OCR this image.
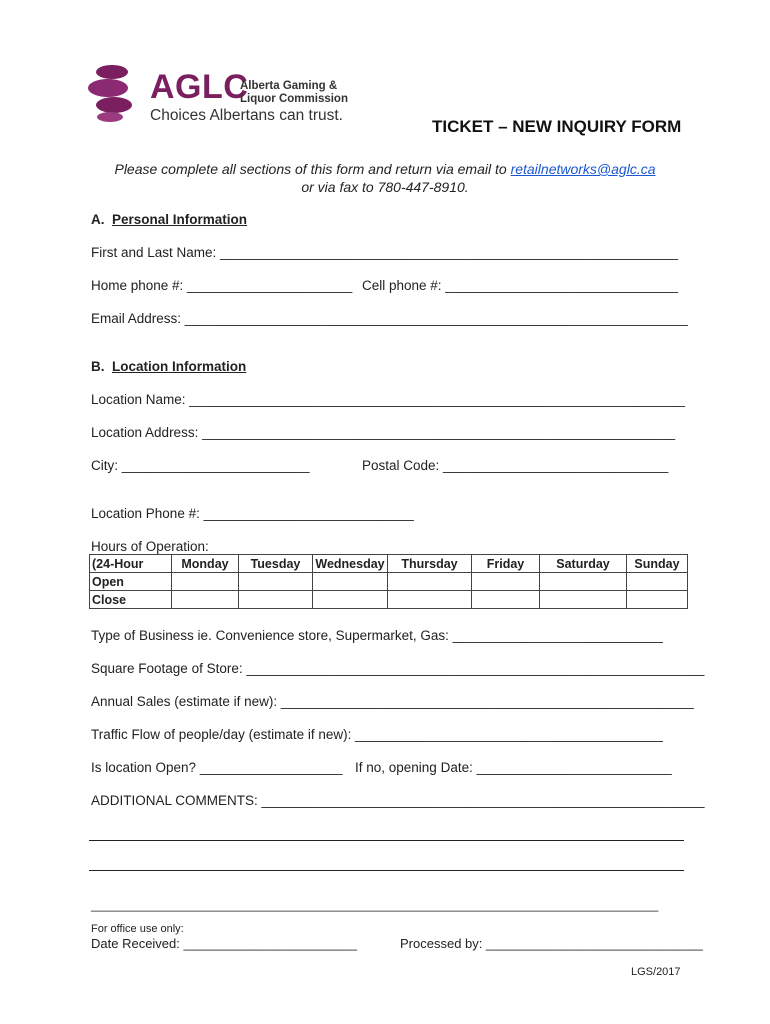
AGLC
Alberta Gaming &
Liquor Commission
Choices Albertans can trust.
TICKET – NEW INQUIRY FORM
Please complete all sections of this form and return via email to retailnetworks@aglc.ca
or via fax to 780-447-8910.
A. Personal Information
First and Last Name: _____________________________________________________________
Home phone #: ______________________ Cell phone #: _______________________________
Email Address: ___________________________________________________________________
B. Location Information
Location Name: __________________________________________________________________
Location Address: _______________________________________________________________
City: _________________________	Postal Code: ______________________________
Location Phone #: ____________________________
Hours of Operation:
(24-Hour	Monday	Tuesday	Wednesday	Thursday	Friday	Saturday	Sunday
Open							
Close							
Type of Business ie. Convenience store, Supermarket, Gas: ____________________________
Square Footage of Store: _____________________________________________________________
Annual Sales (estimate if new): _______________________________________________________
Traffic Flow of people/day (estimate if new): _________________________________________
Is location Open? ___________________ If no, opening Date: __________________________
ADDITIONAL COMMENTS: ___________________________________________________________
_____________________________________________________________________________________
For office use only:
Date Received: ________________________	Processed by: ______________________________
LGS/2017
